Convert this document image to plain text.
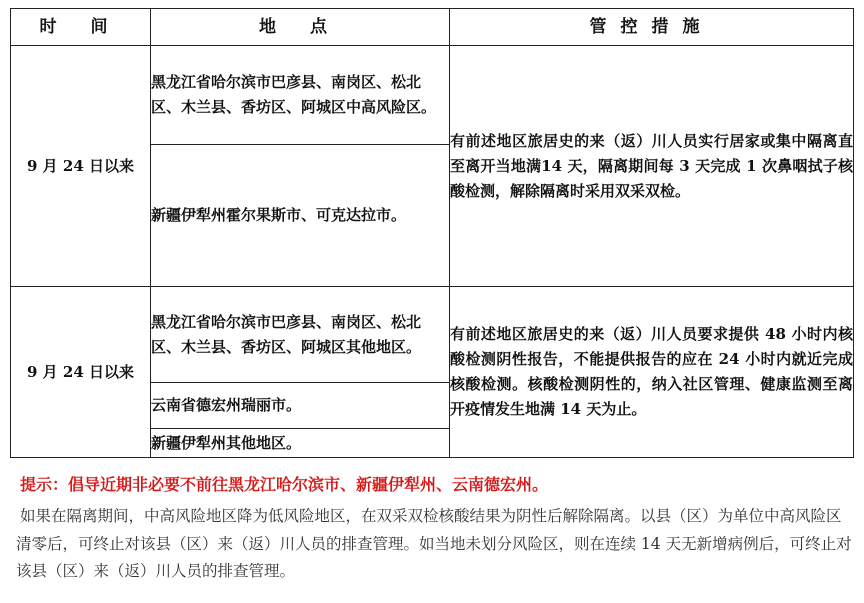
时 间	地 点	管控措施
9 月 24 日以来	黑龙江省哈尔滨市巴彦县、南岗区、松北区、木兰县、香坊区、阿城区中高风险区。	有前述地区旅居史的来（返）川人员实行居家或集中隔离直至离开当地满14 天，隔离期间每 3 天完成 1 次鼻咽拭子核酸检测，解除隔离时采用双采双检。
	新疆伊犁州霍尔果斯市、可克达拉市。	
9 月 24 日以来	黑龙江省哈尔滨市巴彦县、南岗区、松北区、木兰县、香坊区、阿城区其他地区。	有前述地区旅居史的来（返）川人员要求提供 48 小时内核酸检测阴性报告，不能提供报告的应在 24 小时内就近完成核酸检测。核酸检测阴性的，纳入社区管理、健康监测至离开疫情发生地满 14 天为止。
	云南省德宏州瑞丽市。	
	新疆伊犁州其他地区。	
提示：倡导近期非必要不前往黑龙江哈尔滨市、新疆伊犁州、云南德宏州。

如果在隔离期间，中高风险地区降为低风险地区，在双采双检核酸结果为阴性后解除隔离。以县（区）为单位中高风险区清零后，可终止对该县（区）来（返）川人员的排查管理。如当地未划分风险区，则在连续 14 天无新增病例后，可终止对该县（区）来（返）川人员的排查管理。
